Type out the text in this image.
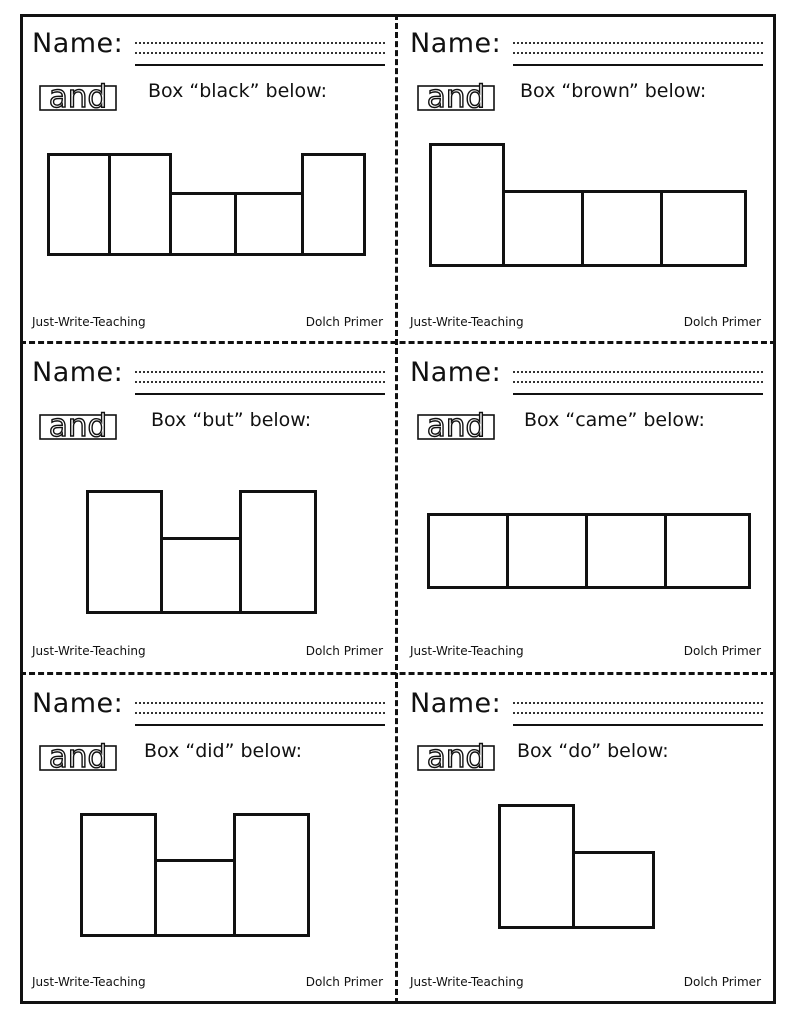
Name:
and Box “black” below:
Just-Write-Teaching	Dolch Primer
Name:
and Box “brown” below:
Just-Write-Teaching	Dolch Primer
Name:
and Box “but” below:
Just-Write-Teaching	Dolch Primer
Name:
and Box “came” below:
Just-Write-Teaching	Dolch Primer
Name:
and Box “did” below:
Just-Write-Teaching	Dolch Primer
Name:
and Box “do” below:
Just-Write-Teaching	Dolch Primer
